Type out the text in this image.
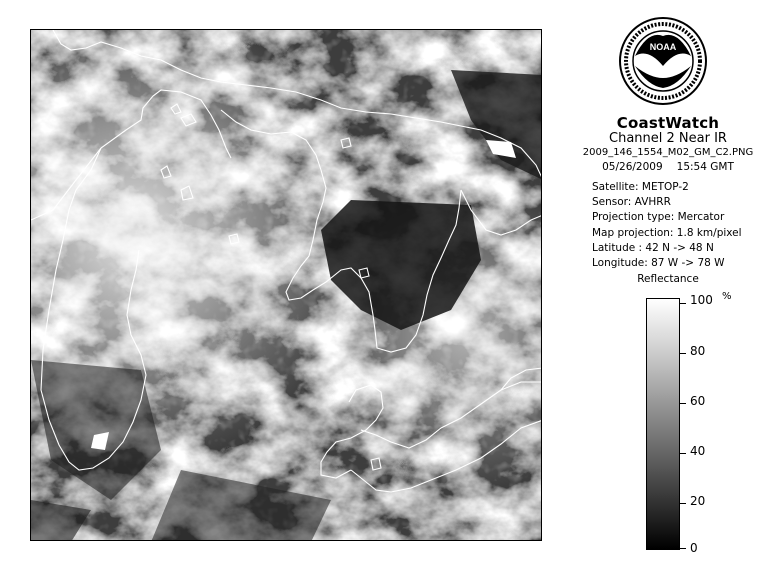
NOAA
CoastWatch
Channel 2 Near IR
2009_146_1554_M02_GM_C2.PNG
05/26/2009 15:54 GMT
Satellite: METOP-2
Sensor: AVHRR
Projection type: Mercator
Map projection: 1.8 km/pixel
Latitude : 42 N -> 48 N
Longitude: 87 W -> 78 W
Reflectance
100
80
60
40
20
0
%
